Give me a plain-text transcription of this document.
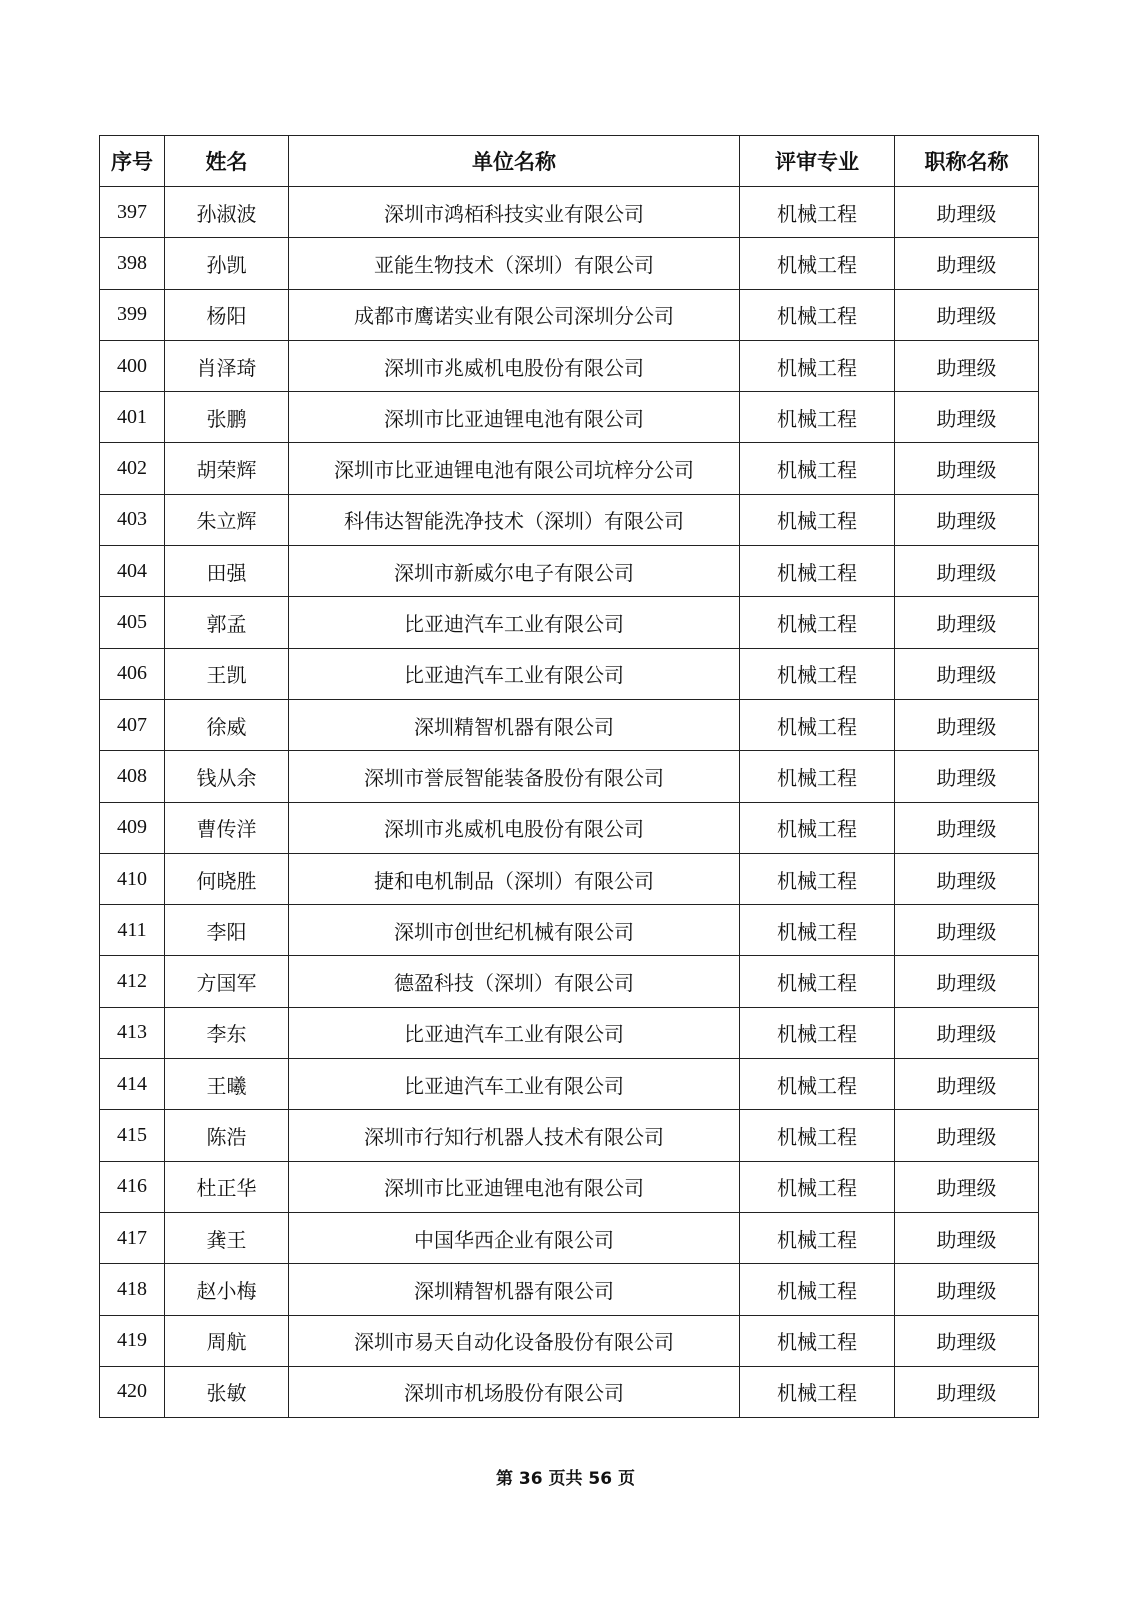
序号	姓名	单位名称	评审专业	职称名称
397	孙淑波	深圳市鸿栢科技实业有限公司	机械工程	助理级
398	孙凯	亚能生物技术（深圳）有限公司	机械工程	助理级
399	杨阳	成都市鹰诺实业有限公司深圳分公司	机械工程	助理级
400	肖泽琦	深圳市兆威机电股份有限公司	机械工程	助理级
401	张鹏	深圳市比亚迪锂电池有限公司	机械工程	助理级
402	胡荣辉	深圳市比亚迪锂电池有限公司坑梓分公司	机械工程	助理级
403	朱立辉	科伟达智能洗净技术（深圳）有限公司	机械工程	助理级
404	田强	深圳市新威尔电子有限公司	机械工程	助理级
405	郭孟	比亚迪汽车工业有限公司	机械工程	助理级
406	王凯	比亚迪汽车工业有限公司	机械工程	助理级
407	徐威	深圳精智机器有限公司	机械工程	助理级
408	钱从余	深圳市誉辰智能装备股份有限公司	机械工程	助理级
409	曹传洋	深圳市兆威机电股份有限公司	机械工程	助理级
410	何晓胜	捷和电机制品（深圳）有限公司	机械工程	助理级
411	李阳	深圳市创世纪机械有限公司	机械工程	助理级
412	方国军	德盈科技（深圳）有限公司	机械工程	助理级
413	李东	比亚迪汽车工业有限公司	机械工程	助理级
414	王曦	比亚迪汽车工业有限公司	机械工程	助理级
415	陈浩	深圳市行知行机器人技术有限公司	机械工程	助理级
416	杜正华	深圳市比亚迪锂电池有限公司	机械工程	助理级
417	龚王	中国华西企业有限公司	机械工程	助理级
418	赵小梅	深圳精智机器有限公司	机械工程	助理级
419	周航	深圳市易天自动化设备股份有限公司	机械工程	助理级
420	张敏	深圳市机场股份有限公司	机械工程	助理级
第 36 页共 56 页
